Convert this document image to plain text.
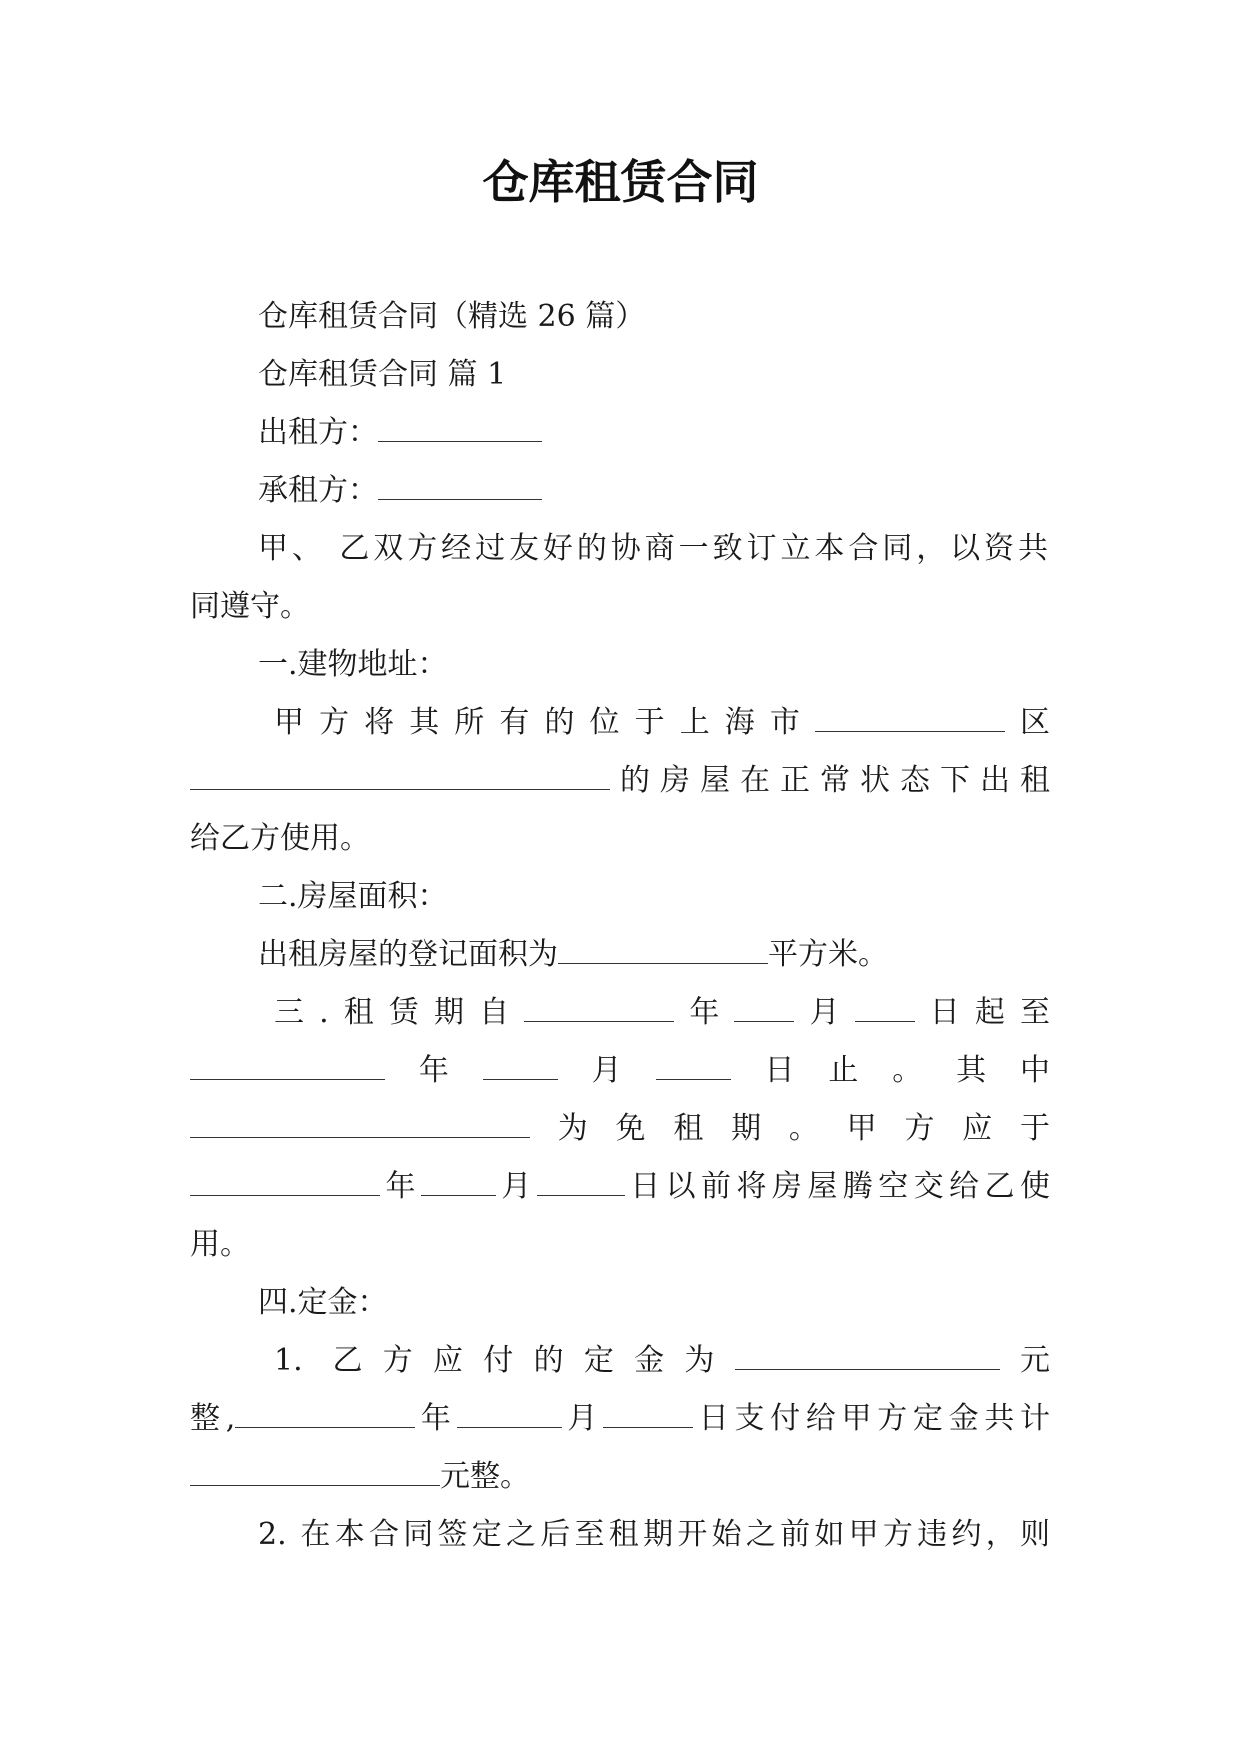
仓库租赁合同

仓库租赁合同（精选 26 篇）

仓库租赁合同 篇 1

出租方：

承租方：

甲、 乙双方经过友好的协商一致订立本合同，以资共

同遵守。

一.建物地址：

甲方将其所有的位于上海市	区

的房屋在正常状态下出租

给乙方使用。

二.房屋面积：

出租房屋的登记面积为	平方米。

三.租赁期自	年 月 日起至

年	月	日止。其中

为免租期。甲方应于

年	月	日以前将房屋腾空交给乙使

用。

四.定金：

1. 乙方应付的定金为	元

整,	年	月	日支付给甲方定金共计

元整。

2. 在本合同签定之后至租期开始之前如甲方违约，则
